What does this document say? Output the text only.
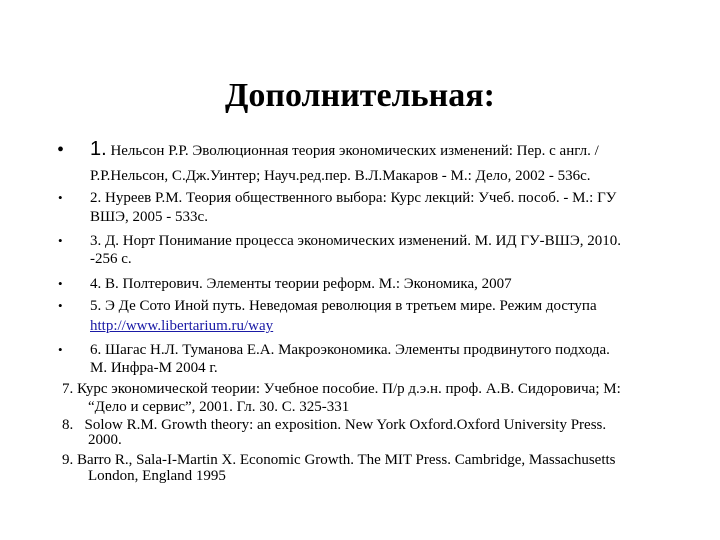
Дополнительная:
• 1. Нельсон Р.Р. Эволюционная теория экономических изменений: Пер. с англ. /
Р.Р.Нельсон, С.Дж.Уинтер; Науч.ред.пер. В.Л.Макаров - М.: Дело, 2002 - 536с.
• 2. Нуреев Р.М. Теория общественного выбора: Курс лекций: Учеб. пособ. - М.: ГУ
ВШЭ, 2005 - 533с.
• 3. Д. Норт Понимание процесса экономических изменений. М. ИД ГУ-ВШЭ, 2010.
-256 с.
• 4. В. Полтерович. Элементы теории реформ. М.: Экономика, 2007
• 5. Э Де Сото Иной путь. Неведомая революция в третьем мире. Режим доступа
http://www.libertarium.ru/way
• 6. Шагас Н.Л. Туманова Е.А. Макроэкономика. Элементы продвинутого подхода.
М. Инфра-М 2004 г.
7. Курс экономической теории: Учебное пособие. П/р д.э.н. проф. А.В. Сидоровича; М:
“Дело и сервис”, 2001. Гл. 30. С. 325-331
8.   Solow R.M. Growth theory: an exposition. New York Oxford.Oxford University Press.
2000.
9. Barro R., Sala-I-Martin X. Economic Growth. The MIT Press. Cambridge, Massachusetts
London, England 1995
